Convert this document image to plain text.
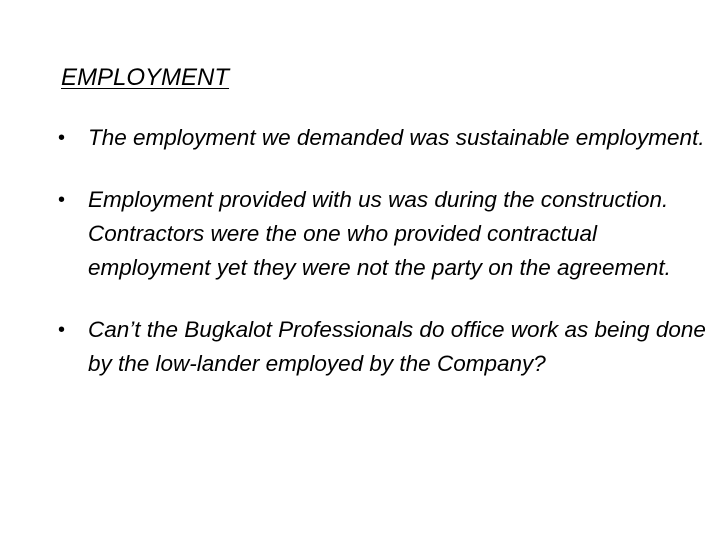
EMPLOYMENT
• The employment we demanded was sustainable employment.
• Employment provided with us was during the construction. Contractors were the one who provided contractual employment yet they were not the party on the agreement.
• Can’t the Bugkalot Professionals do office work as being done by the low-lander employed by the Company?
